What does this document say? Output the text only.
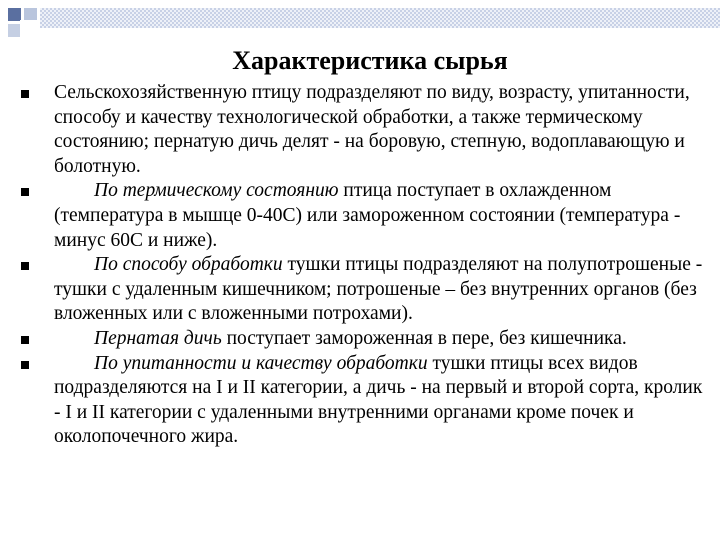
Характеристика сырья
Сельскохозяйственную птицу подразделяют по виду, возрасту, упитанности, способу и качеству технологической обработки, а также термическому состоянию; пернатую дичь делят - на боровую, степную, водоплавающую и болотную.
По термическому состоянию птица поступает в охлажденном (температура в мышце 0-40С) или замороженном состоянии (температура - минус 60С и ниже).
По способу обработки тушки птицы подразделяют на полупотрошеные - тушки с удаленным кишечником; потрошеные – без внутренних органов (без вложенных или с вложенными потрохами).
Пернатая дичь поступает замороженная в пере, без кишечника.
По упитанности и качеству обработки тушки птицы всех видов подразделяются на I и II категории, а дичь - на первый и второй сорта, кролик - I и II категории с удаленными внутренними органами кроме почек и околопочечного жира.
